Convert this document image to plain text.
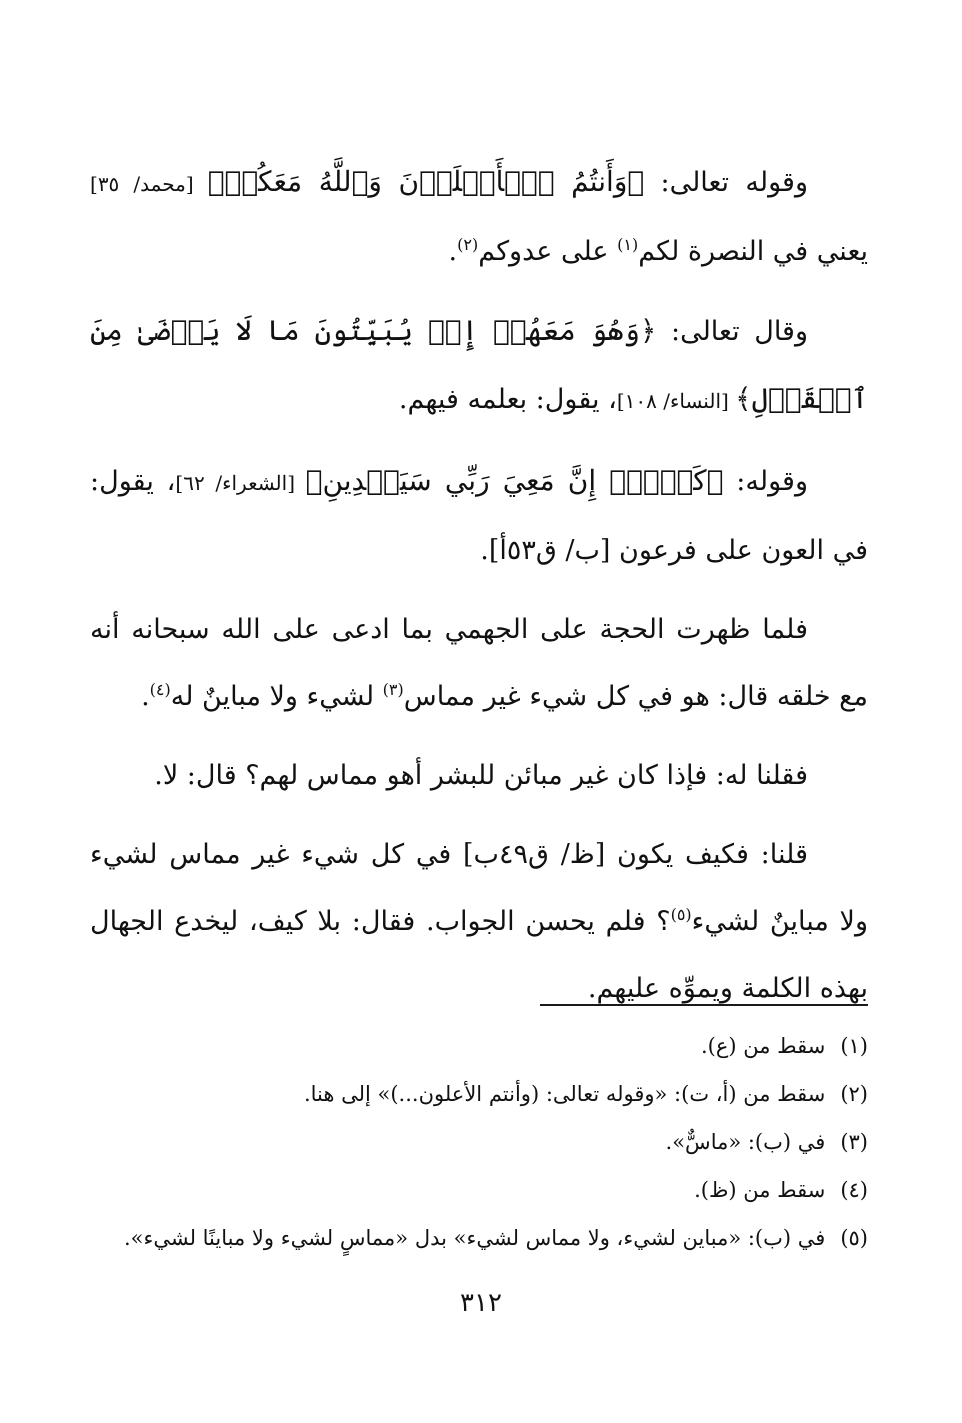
وقوله تعالى: ﴿وَأَنتُمُ ٱلۡأَعۡلَوۡنَ وَٱللَّهُ مَعَكُمۡ﴾ [محمد/ ٣٥] يعني في النصرة لكم$^{(١)}$ على عدوكم$^{(٢)}$.

وقال تعالى: ﴿وَهُوَ مَعَهُمۡ إِذۡ يُبَيِّتُونَ مَا لَا يَرۡضَىٰ مِنَ ٱلۡقَوۡلِ﴾ [النساء/ ١٠٨]، يقول: بعلمه فيهم.

وقوله: ﴿كَلَّآۖ إِنَّ مَعِيَ رَبِّي سَيَهۡدِينِ﴾ [الشعراء/ ٦٢]، يقول: في العون على فرعون [ب/ ق٥٣أ].

فلما ظهرت الحجة على الجهمي بما ادعى على الله سبحانه أنه مع خلقه قال: هو في كل شيء غير مماس$^{(٣)}$ لشيء ولا مباينٌ له$^{(٤)}$.

فقلنا له: فإذا كان غير مبائن للبشر أهو مماس لهم؟ قال: لا.

قلنا: فكيف يكون [ظ/ ق٤٩ب] في كل شيء غير مماس لشيء ولا مباينٌ لشيء$^{(٥)}$؟ فلم يحسن الجواب. فقال: بلا كيف، ليخدع الجهال بهذه الكلمة ويموِّه عليهم.

(١) سقط من (ع).
(٢) سقط من (أ، ت): «وقوله تعالى: (وأنتم الأعلون...)» إلى هنا.
(٣) في (ب): «ماسٌّ».
(٤) سقط من (ظ).
(٥) في (ب): «مباين لشيء، ولا مماس لشيء» بدل «مماسٍ لشيء ولا مباينًا لشيء».
٣١٢
